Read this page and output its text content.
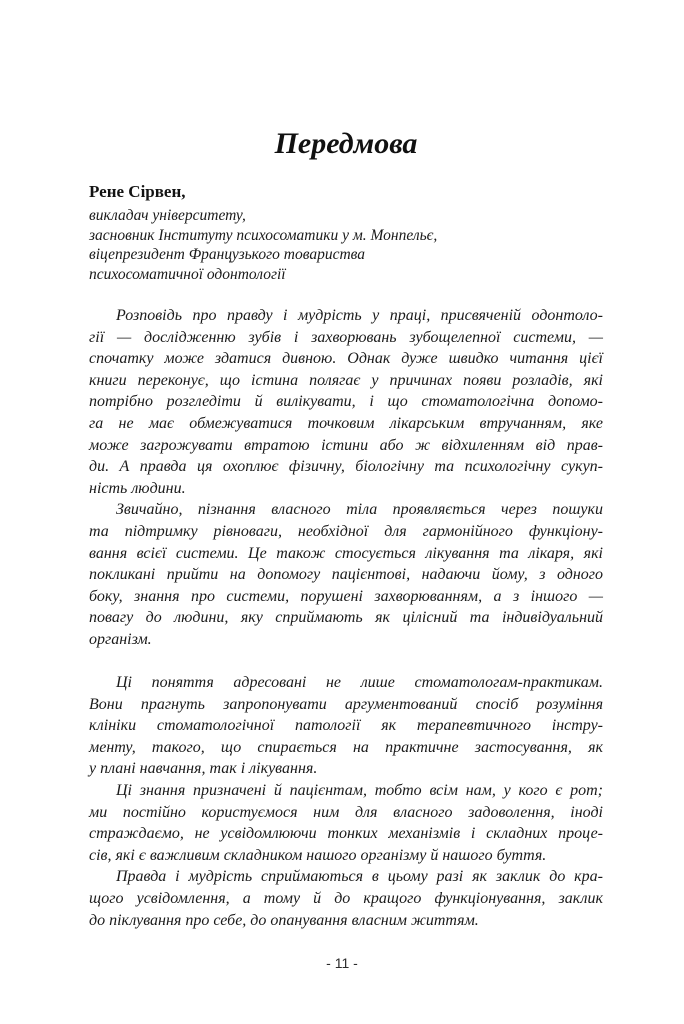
Передмова
Рене Сірвен,
викладач університету,
засновник Інституту психосоматики у м. Монпельє,
віцепрезидент Французького товариства
психосоматичної одонтології
Розповідь про правду і мудрість у праці, присвяченій одонтоло-
гії — дослідженню зубів і захворювань зубощелепної системи, —
спочатку може здатися дивною. Однак дуже швидко читання цієї
книги переконує, що істина полягає у причинах появи розладів, які
потрібно розгледіти й вилікувати, і що стоматологічна допомо-
га не має обмежуватися точковим лікарським втручанням, яке
може загрожувати втратою істини або ж відхиленням від прав-
ди. А правда ця охоплює фізичну, біологічну та психологічну сукуп-
ність людини.
Звичайно, пізнання власного тіла проявляється через пошуки
та підтримку рівноваги, необхідної для гармонійного функціону-
вання всієї системи. Це також стосується лікування та лікаря, які
покликані прийти на допомогу пацієнтові, надаючи йому, з одного
боку, знання про системи, порушені захворюванням, а з іншого —
повагу до людини, яку сприймають як цілісний та індивідуальний
організм.
Ці поняття адресовані не лише стоматологам-практикам.
Вони прагнуть запропонувати аргументований спосіб розуміння
клініки стоматологічної патології як терапевтичного інстру-
менту, такого, що спирається на практичне застосування, як
у плані навчання, так і лікування.
Ці знання призначені й пацієнтам, тобто всім нам, у кого є рот;
ми постійно користуємося ним для власного задоволення, іноді
страждаємо, не усвідомлюючи тонких механізмів і складних проце-
сів, які є важливим складником нашого організму й нашого буття.
Правда і мудрість сприймаються в цьому разі як заклик до кра-
щого усвідомлення, а тому й до кращого функціонування, заклик
до піклування про себе, до опанування власним життям.
- 11 -
